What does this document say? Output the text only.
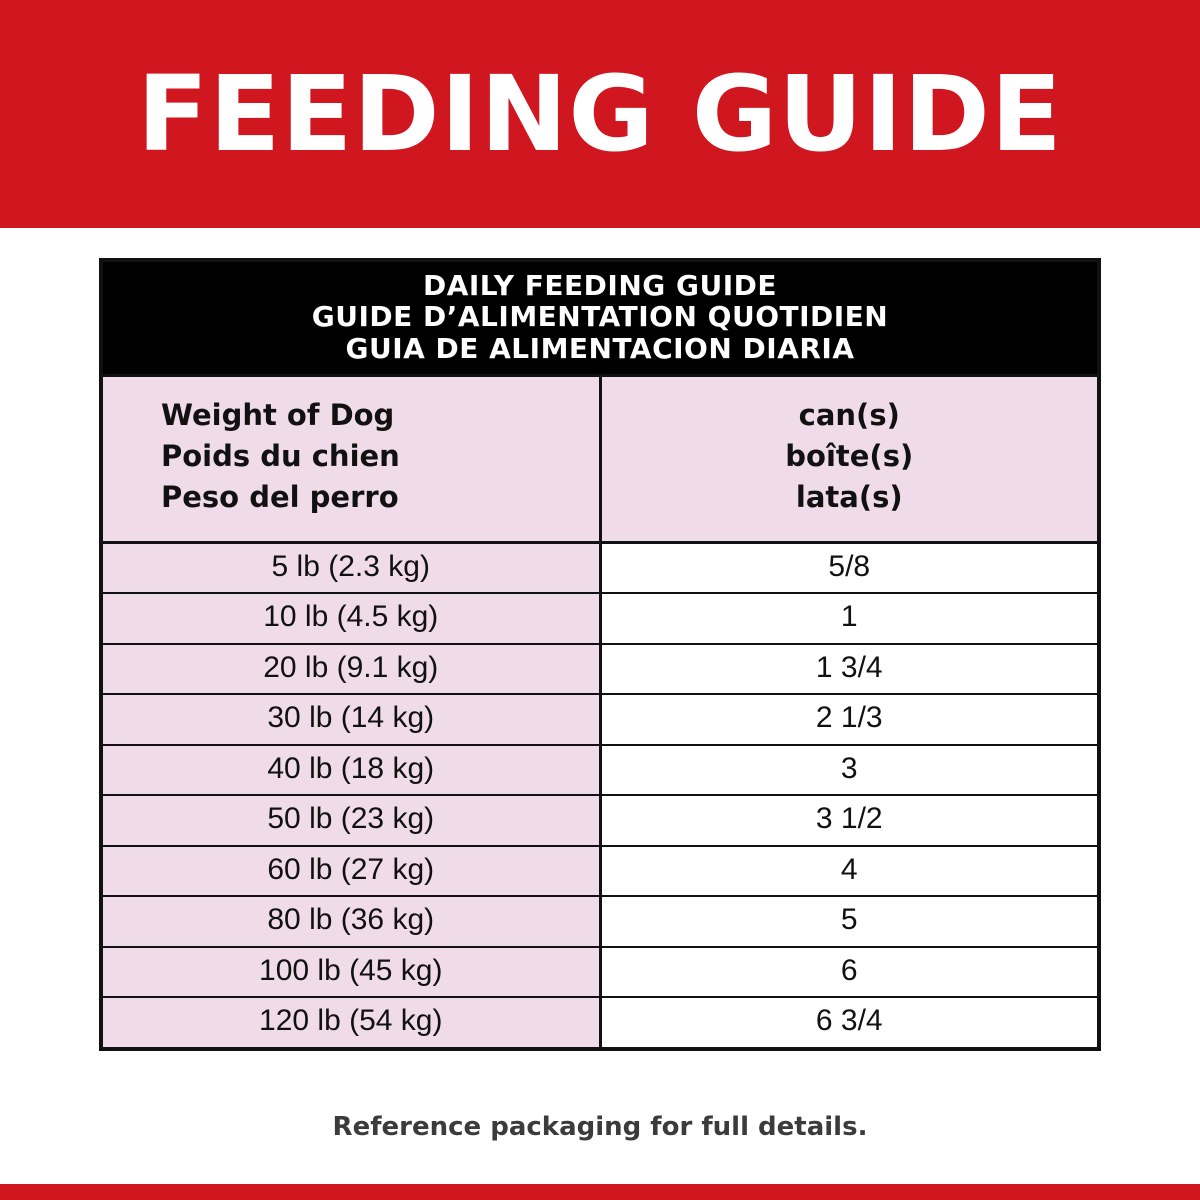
FEEDING GUIDE
DAILY FEEDING GUIDE
GUIDE D’ALIMENTATION QUOTIDIEN
GUIA DE ALIMENTACION DIARIA	

Weight of Dog
Poids du chien
Peso del perro

can(s)
boîte(s)
lata(s)

5 lb (2.3 kg)	5/8
10 lb (4.5 kg)	1
20 lb (9.1 kg)	1 3/4
30 lb (14 kg)	2 1/3
40 lb (18 kg)	3
50 lb (23 kg)	3 1/2
60 lb (27 kg)	4
80 lb (36 kg)	5
100 lb (45 kg)	6
120 lb (54 kg)	6 3/4
Reference packaging for full details.
